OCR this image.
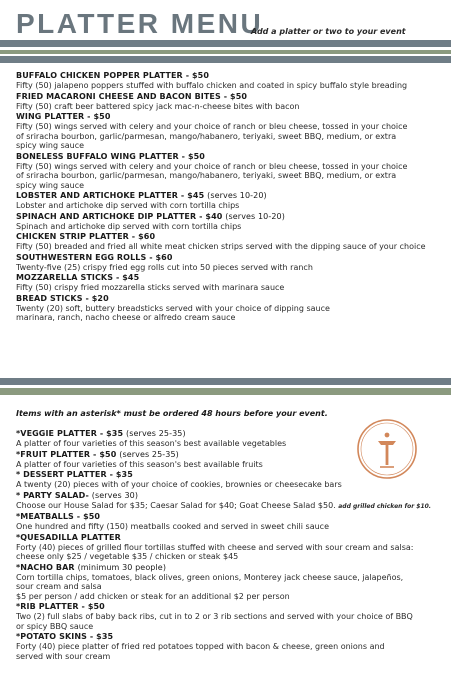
PLATTER MENU
Add a platter or two to your event
BUFFALO CHICKEN POPPER PLATTER - $50
Fifty (50) jalapeno poppers stuffed with buffalo chicken and coated in spicy buffalo style breading
FRIED MACARONI CHEESE AND BACON BITES - $50
Fifty (50) craft beer battered spicy jack mac-n-cheese bites with bacon
WING PLATTER - $50
Fifty (50) wings served with celery and your choice of ranch or bleu cheese, tossed in your choice
of sriracha bourbon, garlic/parmesan, mango/habanero, teriyaki, sweet BBQ, medium, or extra
spicy wing sauce
BONELESS BUFFALO WING PLATTER - $50
Fifty (50) wings served with celery and your choice of ranch or bleu cheese, tossed in your choice
of sriracha bourbon, garlic/parmesan, mango/habanero, teriyaki, sweet BBQ, medium, or extra
spicy wing sauce
LOBSTER AND ARTICHOKE PLATTER - $45 (serves 10-20)
Lobster and artichoke dip served with corn tortilla chips
SPINACH AND ARTICHOKE DIP PLATTER - $40 (serves 10-20)
Spinach and artichoke dip served with corn tortilla chips
CHICKEN STRIP PLATTER - $60
Fifty (50) breaded and fried all white meat chicken strips served with the dipping sauce of your choice
SOUTHWESTERN EGG ROLLS - $60
Twenty-five (25) crispy fried egg rolls cut into 50 pieces served with ranch
MOZZARELLA STICKS - $45
Fifty (50) crispy fried mozzarella sticks served with marinara sauce
BREAD STICKS - $20
Twenty (20) soft, buttery breadsticks served with your choice of dipping sauce
marinara, ranch, nacho cheese or alfredo cream sauce
Items with an asterisk* must be ordered 48 hours before your event.
*VEGGIE PLATTER - $35 (serves 25-35)
A platter of four varieties of this season's best available vegetables
*FRUIT PLATTER - $50 (serves 25-35)
A platter of four varieties of this season's best available fruits
* DESSERT PLATTER - $35
A twenty (20) pieces with of your choice of cookies, brownies or cheesecake bars
* PARTY SALAD- (serves 30)
Choose our House Salad for $35; Caesar Salad for $40; Goat Cheese Salad $50. add grilled chicken for $10.
*MEATBALLS - $50
One hundred and fifty (150) meatballs cooked and served in sweet chili sauce
*QUESADILLA PLATTER
Forty (40) pieces of grilled flour tortillas stuffed with cheese and served with sour cream and salsa:
cheese only $25 / vegetable $35 / chicken or steak $45
*NACHO BAR (minimum 30 people)
Corn tortilla chips, tomatoes, black olives, green onions, Monterey jack cheese sauce, jalapeños,
sour cream and salsa
$5 per person / add chicken or steak for an additional $2 per person
*RIB PLATTER - $50
Two (2) full slabs of baby back ribs, cut in to 2 or 3 rib sections and served with your choice of BBQ
or spicy BBQ sauce
*POTATO SKINS - $35
Forty (40) piece platter of fried red potatoes topped with bacon & cheese, green onions and
served with sour cream
